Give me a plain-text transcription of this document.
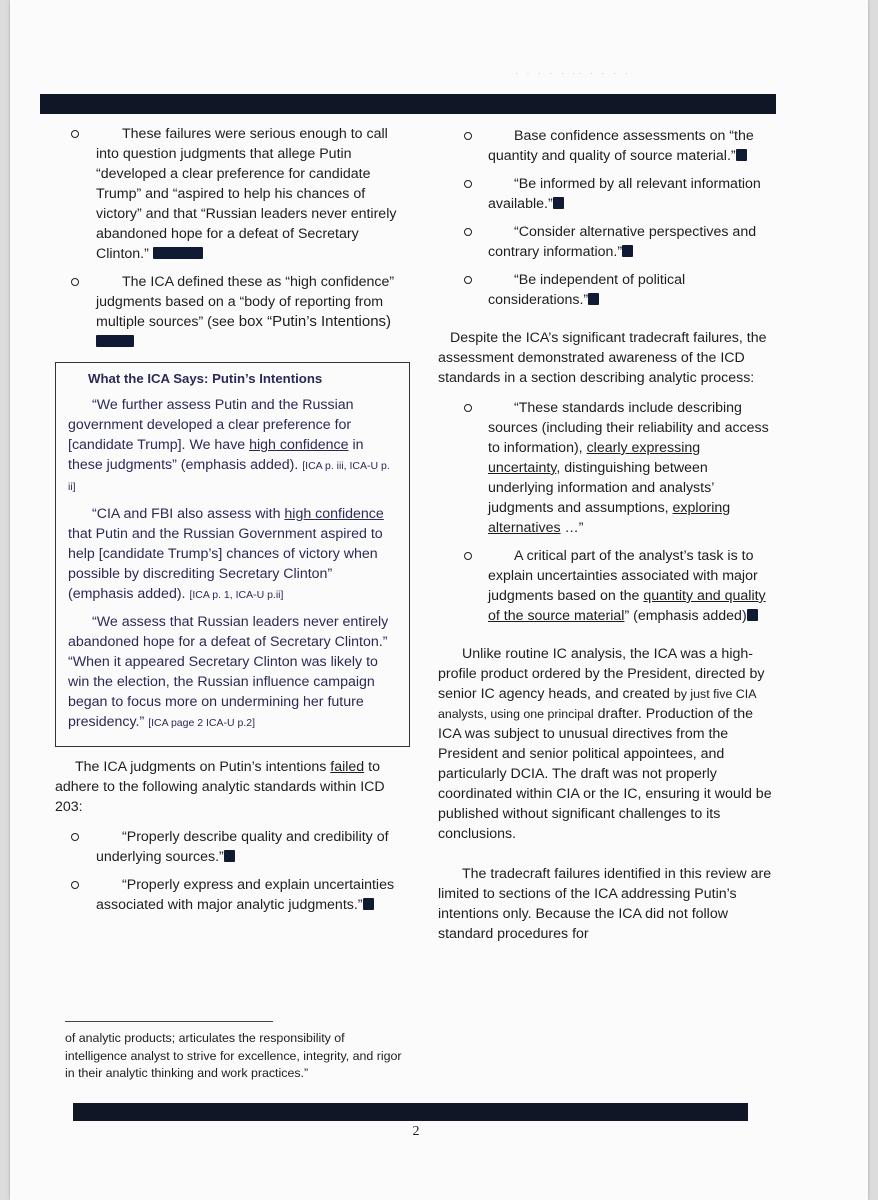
· · · · · ·· · · · ·
These failures were serious enough to call into question judgments that allege Putin “developed a clear preference for candidate Trump” and “aspired to help his chances of victory” and that “Russian leaders never entirely abandoned hope for a defeat of Secretary Clinton.”
The ICA defined these as “high confidence” judgments based on a “body of reporting from multiple sources” (see box “Putin’s Intentions)
What the ICA Says: Putin’s Intentions

“We further assess Putin and the Russian government developed a clear preference for [candidate Trump]. We have high confidence in these judgments” (emphasis added). [ICA p. iii, ICA-U p. ii]

“CIA and FBI also assess with high confidence that Putin and the Russian Government aspired to help [candidate Trump’s] chances of victory when possible by discrediting Secretary Clinton” (emphasis added). [ICA p. 1, ICA-U p.ii]

“We assess that Russian leaders never entirely abandoned hope for a defeat of Secretary Clinton.” “When it appeared Secretary Clinton was likely to win the election, the Russian influence campaign began to focus more on undermining her future presidency.” [ICA page 2 ICA-U p.2]

The ICA judgments on Putin’s intentions failed to adhere to the following analytic standards within ICD 203:

“Properly describe quality and credibility of underlying sources.”
“Properly express and explain uncertainties associated with major analytic judgments.”
of analytic products; articulates the responsibility of intelligence analyst to strive for excellence, integrity, and rigor in their analytic thinking and work practices.”
Base confidence assessments on “the quantity and quality of source material.”
“Be informed by all relevant information available.”
“Consider alternative perspectives and contrary information.”
“Be independent of political considerations.”

Despite the ICA’s significant tradecraft failures, the assessment demonstrated awareness of the ICD standards in a section describing analytic process:

“These standards include describing sources (including their reliability and access to information), clearly expressing uncertainty, distinguishing between underlying information and analysts’ judgments and assumptions, exploring alternatives …”
A critical part of the analyst’s task is to explain uncertainties associated with major judgments based on the quantity and quality of the source material” (emphasis added)

Unlike routine IC analysis, the ICA was a high-profile product ordered by the President, directed by senior IC agency heads, and created by just five CIA analysts, using one principal drafter. Production of the ICA was subject to unusual directives from the President and senior political appointees, and particularly DCIA. The draft was not properly coordinated within CIA or the IC, ensuring it would be published without significant challenges to its conclusions.

The tradecraft failures identified in this review are limited to sections of the ICA addressing Putin’s intentions only. Because the ICA did not follow standard procedures for

2
